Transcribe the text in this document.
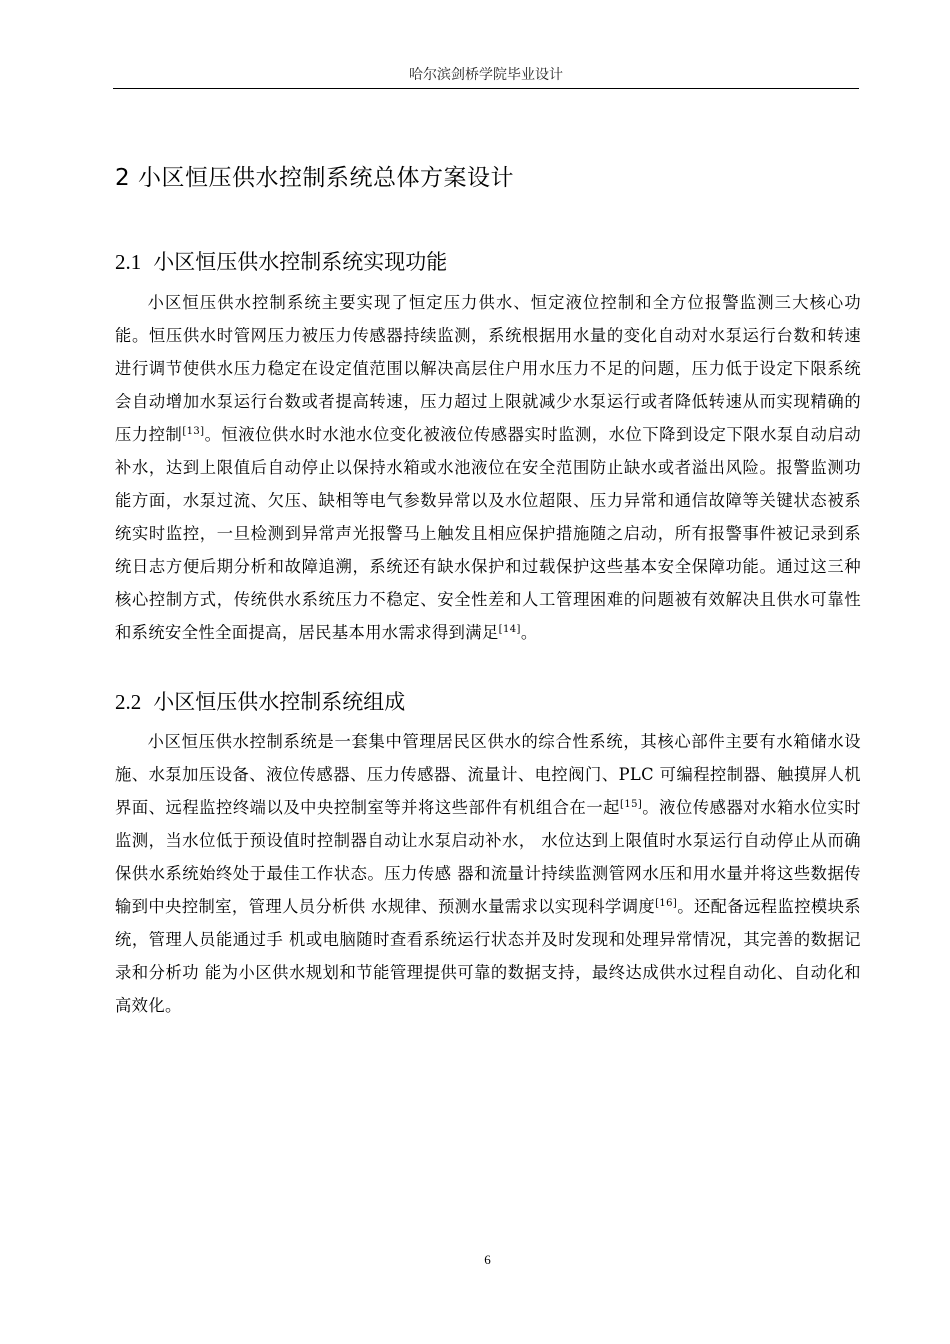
哈尔滨剑桥学院毕业设计
2 小区恒压供水控制系统总体方案设计
2.1 小区恒压供水控制系统实现功能

小区恒压供水控制系统主要实现了恒定压力供水、恒定液位控制和全方位报警监测三大核心功能。恒压供水时管网压力被压力传感器持续监测，系统根据用水量的变化自动对水泵运行台数和转速进行调节使供水压力稳定在设定值范围以解决高层住户用水压力不足的问题，压力低于设定下限系统会自动增加水泵运行台数或者提高转速，压力超过上限就减少水泵运行或者降低转速从而实现精确的压力控制[13]。恒液位供水时水池水位变化被液位传感器实时监测，水位下降到设定下限水泵自动启动补水，达到上限值后自动停止以保持水箱或水池液位在安全范围防止缺水或者溢出风险。报警监测功能方面，水泵过流、欠压、缺相等电气参数异常以及水位超限、压力异常和通信故障等关键状态被系统实时监控，一旦检测到异常声光报警马上触发且相应保护措施随之启动，所有报警事件被记录到系统日志方便后期分析和故障追溯，系统还有缺水保护和过载保护这些基本安全保障功能。通过这三种核心控制方式，传统供水系统压力不稳定、安全性差和人工管理困难的问题被有效解决且供水可靠性和系统安全性全面提高，居民基本用水需求得到满足[14]。

2.2 小区恒压供水控制系统组成

小区恒压供水控制系统是一套集中管理居民区供水的综合性系统，其核心部件主要有水箱储水设施、水泵加压设备、液位传感器、压力传感器、流量计、电控阀门、PLC 可编程控制器、触摸屏人机界面、远程监控终端以及中央控制室等并将这些部件有机组合在一起[15]。液位传感器对水箱水位实时监测，当水位低于预设值时控制器自动让水泵启动补水， 水位达到上限值时水泵运行自动停止从而确保供水系统始终处于最佳工作状态。压力传感 器和流量计持续监测管网水压和用水量并将这些数据传输到中央控制室，管理人员分析供 水规律、预测水量需求以实现科学调度[16]。还配备远程监控模块系统，管理人员能通过手 机或电脑随时查看系统运行状态并及时发现和处理异常情况，其完善的数据记录和分析功 能为小区供水规划和节能管理提供可靠的数据支持，最终达成供水过程自动化、自动化和 高效化。

6
